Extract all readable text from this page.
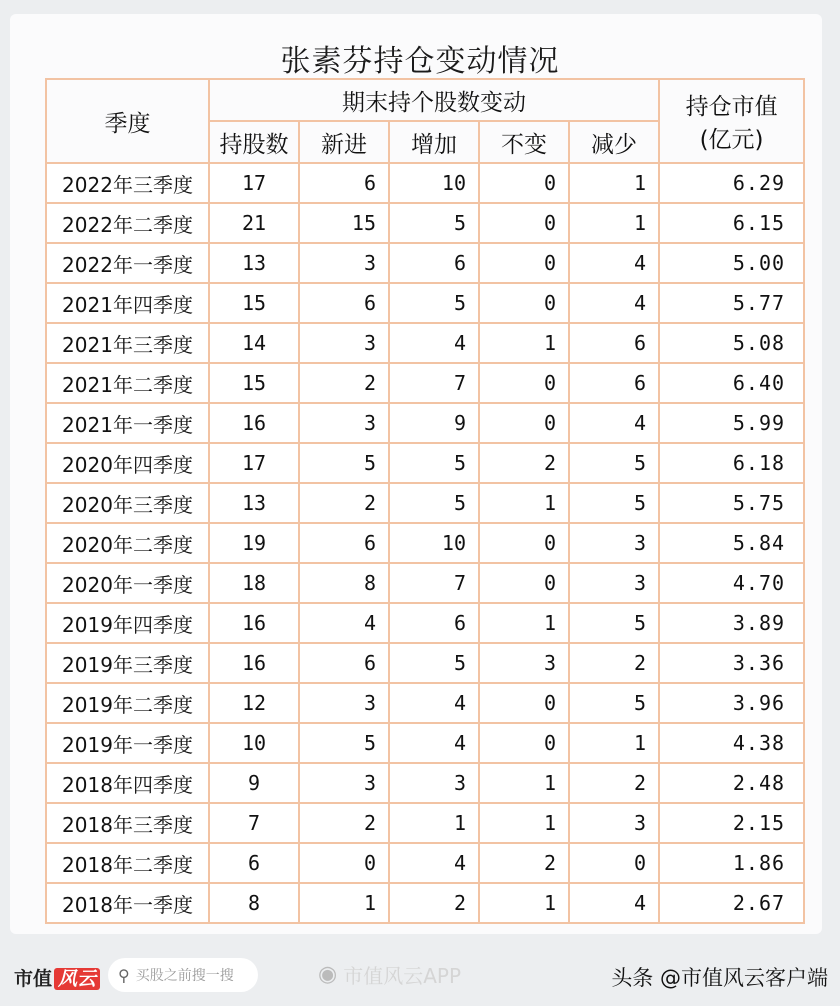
张素芬持仓变动情况
季度	期末持个股数变动					持仓市值
(亿元)

	持股数	新进	增加	不变	减少	
2022年三季度	17	6	10	0	1	6.29
2022年二季度	21	15	5	0	1	6.15
2022年一季度	13	3	6	0	4	5.00
2021年四季度	15	6	5	0	4	5.77
2021年三季度	14	3	4	1	6	5.08
2021年二季度	15	2	7	0	6	6.40
2021年一季度	16	3	9	0	4	5.99
2020年四季度	17	5	5	2	5	6.18
2020年三季度	13	2	5	1	5	5.75
2020年二季度	19	6	10	0	3	5.84
2020年一季度	18	8	7	0	3	4.70
2019年四季度	16	4	6	1	5	3.89
2019年三季度	16	6	5	3	2	3.36
2019年二季度	12	3	4	0	5	3.96
2019年一季度	10	5	4	0	1	4.38
2018年四季度	9	3	3	1	2	2.48
2018年三季度	7	2	1	1	3	2.15
2018年二季度	6	0	4	2	0	1.86
2018年一季度	8	1	2	1	4	2.67
市值 风云 ⚲ 买股之前搜一搜	◉ 市值风云APP	头条 @市值风云客户端
